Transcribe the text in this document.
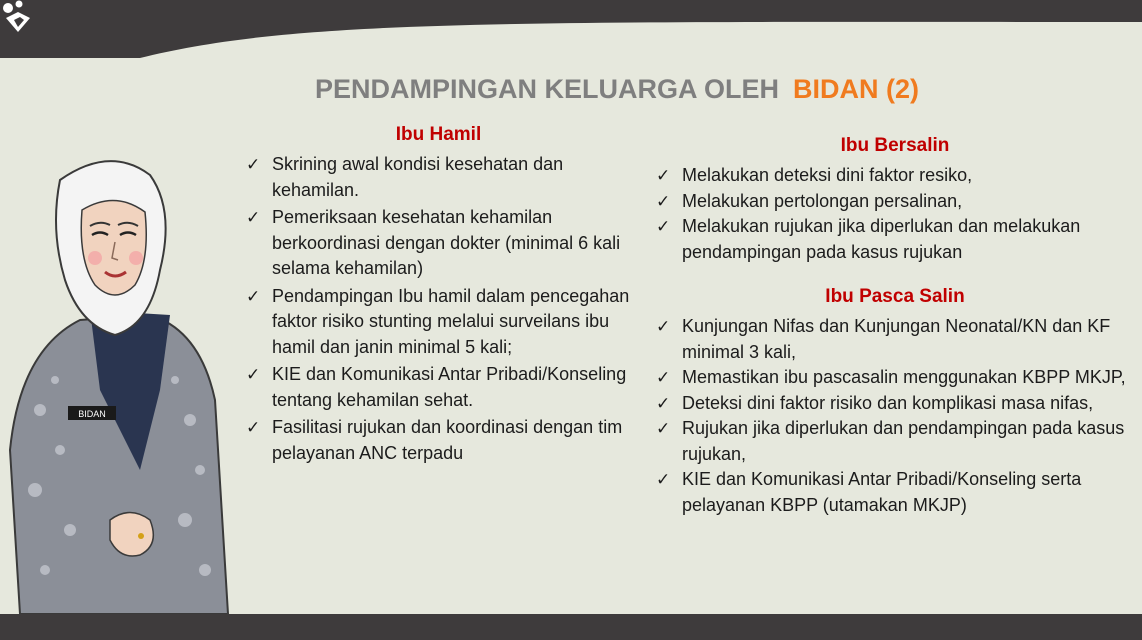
PENDAMPINGAN KELUARGA OLEH BIDAN (2)
BIDAN
Ibu Hamil
✓ Skrining awal kondisi kesehatan dan kehamilan.
✓ Pemeriksaan kesehatan kehamilan berkoordinasi dengan dokter (minimal 6 kali selama kehamilan)
✓ Pendampingan Ibu hamil dalam pencegahan faktor risiko stunting melalui surveilans ibu hamil dan janin minimal 5 kali;
✓ KIE dan Komunikasi Antar Pribadi/Konseling tentang kehamilan sehat.
✓ Fasilitasi rujukan dan koordinasi dengan tim pelayanan ANC terpadu
Ibu Bersalin
✓ Melakukan deteksi dini faktor resiko,
✓ Melakukan pertolongan persalinan,
✓ Melakukan rujukan jika diperlukan dan melakukan pendampingan pada kasus rujukan
Ibu Pasca Salin
✓ Kunjungan Nifas dan Kunjungan Neonatal/KN dan KF minimal 3 kali,
✓ Memastikan ibu pascasalin menggunakan KBPP MKJP,
✓ Deteksi dini faktor risiko dan komplikasi masa nifas,
✓ Rujukan jika diperlukan dan pendampingan pada kasus rujukan,
✓ KIE dan Komunikasi Antar Pribadi/Konseling serta pelayanan KBPP (utamakan MKJP)
